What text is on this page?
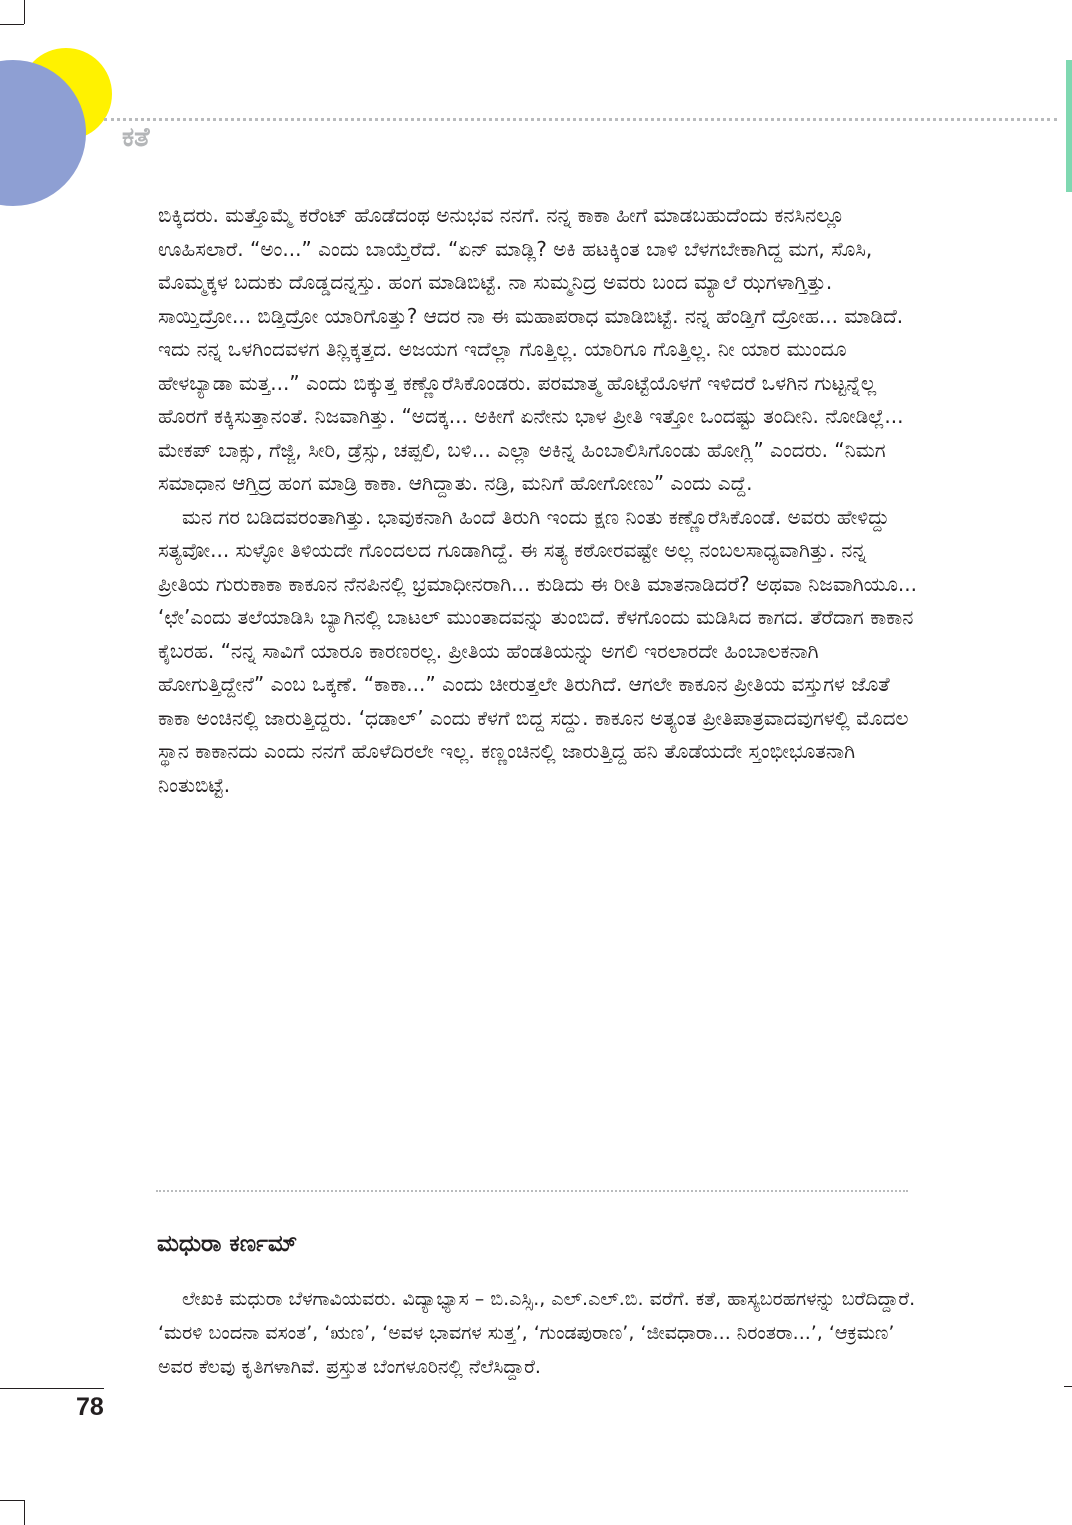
ಕತೆ

ಬಿಕ್ಕಿದರು. ಮತ್ತೊಮ್ಮೆ ಕರೆಂಟ್ ಹೊಡೆದಂಥ ಅನುಭವ ನನಗೆ. ನನ್ನ ಕಾಕಾ ಹೀಗೆ ಮಾಡಬಹುದೆಂದು ಕನಸಿನಲ್ಲೂ ಊಹಿಸಲಾರೆ. “ಅಂ...” ಎಂದು ಬಾಯ್ತೆರೆದೆ. “ಏನ್ ಮಾಡ್ಲಿ? ಅಕಿ ಹಟಕ್ಕಿಂತ ಬಾಳಿ ಬೆಳಗಬೇಕಾಗಿದ್ದ ಮಗ, ಸೊಸಿ, ಮೊಮ್ಮಕ್ಕಳ ಬದುಕು ದೊಡ್ಡದನ್ನಸ್ತು. ಹಂಗ ಮಾಡಿಬಿಟ್ಟೆ. ನಾ ಸುಮ್ಮನಿದ್ರ ಅವರು ಬಂದ ಮ್ಯಾಲೆ ಝಗಳಾಗ್ತಿತ್ತು. ಸಾಯ್ತಿದ್ರೋ... ಬಿಡ್ತಿದ್ರೋ ಯಾರಿಗೊತ್ತು? ಆದರ ನಾ ಈ ಮಹಾಪರಾಧ ಮಾಡಿಬಿಟ್ಟೆ. ನನ್ನ ಹೆಂಡ್ತಿಗೆ ದ್ರೋಹ... ಮಾಡಿದೆ. ಇದು ನನ್ನ ಒಳಗಿಂದವಳಗ ತಿನ್ಲಿಕ್ಕತ್ತದ. ಅಜಯಗ ಇದೆಲ್ಲಾ ಗೊತ್ತಿಲ್ಲ. ಯಾರಿಗೂ ಗೊತ್ತಿಲ್ಲ. ನೀ ಯಾರ ಮುಂದೂ ಹೇಳಬ್ಯಾಡಾ ಮತ್ತ...” ಎಂದು ಬಿಕ್ಕುತ್ತ ಕಣ್ಣೊರೆಸಿಕೊಂಡರು. ಪರಮಾತ್ಮ ಹೊಟ್ಟೆಯೊಳಗೆ ಇಳಿದರೆ ಒಳಗಿನ ಗುಟ್ಟನ್ನೆಲ್ಲ ಹೊರಗೆ ಕಕ್ಕಿಸುತ್ತಾನಂತೆ. ನಿಜವಾಗಿತ್ತು. “ಅದಕ್ಕ... ಅಕೀಗೆ ಏನೇನು ಭಾಳ ಪ್ರೀತಿ ಇತ್ತೋ ಒಂದಷ್ಟು ತಂದೀನಿ. ನೋಡಿಲ್ಲೆ... ಮೇಕಪ್ ಬಾಕ್ಸು, ಗೆಜ್ಜಿ, ಸೀರಿ, ಡ್ರೆಸ್ಸು, ಚಪ್ಪಲಿ, ಬಳಿ... ಎಲ್ಲಾ ಅಕಿನ್ನ ಹಿಂಬಾಲಿಸಿಗೊಂಡು ಹೋಗ್ಲಿ” ಎಂದರು. “ನಿಮಗ ಸಮಾಧಾನ ಆಗ್ತಿದ್ರ ಹಂಗ ಮಾಡ್ರಿ ಕಾಕಾ. ಆಗಿದ್ದಾತು. ನಡ್ರಿ, ಮನಿಗೆ ಹೋಗೋಣು” ಎಂದು ಎದ್ದೆ.

ಮನ ಗರ ಬಡಿದವರಂತಾಗಿತ್ತು. ಭಾವುಕನಾಗಿ ಹಿಂದೆ ತಿರುಗಿ ಇಂದು ಕ್ಷಣ ನಿಂತು ಕಣ್ಣೊರೆಸಿಕೊಂಡೆ. ಅವರು ಹೇಳಿದ್ದು ಸತ್ಯವೋ... ಸುಳ್ಳೋ ತಿಳಿಯದೇ ಗೊಂದಲದ ಗೂಡಾಗಿದ್ದೆ. ಈ ಸತ್ಯ ಕಠೋರವಷ್ಟೇ ಅಲ್ಲ ನಂಬಲಸಾಧ್ಯವಾಗಿತ್ತು. ನನ್ನ ಪ್ರೀತಿಯ ಗುರುಕಾಕಾ ಕಾಕೂನ ನೆನಪಿನಲ್ಲಿ ಭ್ರಮಾಧೀನರಾಗಿ... ಕುಡಿದು ಈ ರೀತಿ ಮಾತನಾಡಿದರೆ? ಅಥವಾ ನಿಜವಾಗಿಯೂ... ‘ಛೇ’ಎಂದು ತಲೆಯಾಡಿಸಿ ಬ್ಯಾಗಿನಲ್ಲಿ ಬಾಟಲ್ ಮುಂತಾದವನ್ನು ತುಂಬಿದೆ. ಕೆಳಗೊಂದು ಮಡಿಸಿದ ಕಾಗದ. ತೆರೆದಾಗ ಕಾಕಾನ ಕೈಬರಹ. “ನನ್ನ ಸಾವಿಗೆ ಯಾರೂ ಕಾರಣರಲ್ಲ. ಪ್ರೀತಿಯ ಹೆಂಡತಿಯನ್ನು ಅಗಲಿ ಇರಲಾರದೇ ಹಿಂಬಾಲಕನಾಗಿ ಹೋಗುತ್ತಿದ್ದೇನೆ” ಎಂಬ ಒಕ್ಕಣೆ. “ಕಾಕಾ...” ಎಂದು ಚೀರುತ್ತಲೇ ತಿರುಗಿದೆ. ಆಗಲೇ ಕಾಕೂನ ಪ್ರೀತಿಯ ವಸ್ತುಗಳ ಜೊತೆ ಕಾಕಾ ಅಂಚಿನಲ್ಲಿ ಜಾರುತ್ತಿದ್ದರು. ‘ಧಡಾಲ್’ ಎಂದು ಕೆಳಗೆ ಬಿದ್ದ ಸದ್ದು. ಕಾಕೂನ ಅತ್ಯಂತ ಪ್ರೀತಿಪಾತ್ರವಾದವುಗಳಲ್ಲಿ ಮೊದಲ ಸ್ಥಾನ ಕಾಕಾನದು ಎಂದು ನನಗೆ ಹೊಳೆದಿರಲೇ ಇಲ್ಲ. ಕಣ್ಣಂಚಿನಲ್ಲಿ ಜಾರುತ್ತಿದ್ದ ಹನಿ ತೊಡೆಯದೇ ಸ್ತಂಭೀಭೂತನಾಗಿ ನಿಂತುಬಿಟ್ಟೆ.

ಮಧುರಾ ಕರ್ಣಮ್

ಲೇಖಕಿ ಮಧುರಾ ಬೆಳಗಾವಿಯವರು. ವಿದ್ಯಾಭ್ಯಾಸ – ಬಿ.ಎಸ್ಸಿ., ಎಲ್.ಎಲ್.ಬಿ. ವರೆಗೆ. ಕತೆ, ಹಾಸ್ಯಬರಹಗಳನ್ನು ಬರೆದಿದ್ದಾರೆ. ‘ಮರಳಿ ಬಂದನಾ ವಸಂತ’, ‘ಋಣ’, ‘ಅವಳ ಭಾವಗಳ ಸುತ್ತ’, ‘ಗುಂಡಪುರಾಣ’, ‘ಜೀವಧಾರಾ... ನಿರಂತರಾ...’, ‘ಆಕ್ರಮಣ’ ಅವರ ಕೆಲವು ಕೃತಿಗಳಾಗಿವೆ. ಪ್ರಸ್ತುತ ಬೆಂಗಳೂರಿನಲ್ಲಿ ನೆಲೆಸಿದ್ದಾರೆ.

78
